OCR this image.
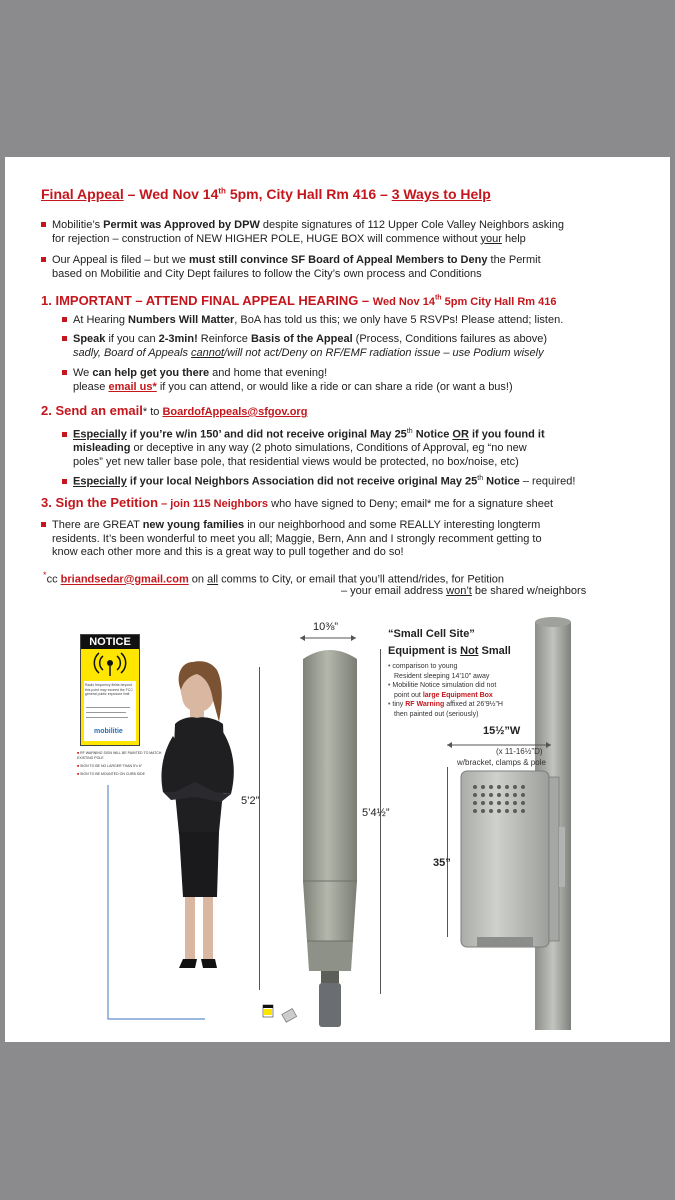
Final Appeal – Wed Nov 14th 5pm, City Hall Rm 416 – 3 Ways to Help
Mobilitie’s Permit was Approved by DPW despite signatures of 112 Upper Cole Valley Neighbors asking
for rejection – construction of NEW HIGHER POLE, HUGE BOX will commence without your help
Our Appeal is filed – but we must still convince SF Board of Appeal Members to Deny the Permit
based on Mobilitie and City Dept failures to follow the City’s own process and Conditions
1. IMPORTANT – ATTEND FINAL APPEAL HEARING – Wed Nov 14th 5pm City Hall Rm 416
At Hearing Numbers Will Matter, BoA has told us this; we only have 5 RSVPs! Please attend; listen.
Speak if you can 2-3min! Reinforce Basis of the Appeal (Process, Conditions failures as above)
sadly, Board of Appeals cannot/will not act/Deny on RF/EMF radiation issue – use Podium wisely
We can help get you there and home that evening!
please email us* if you can attend, or would like a ride or can share a ride (or want a bus!)
2. Send an email* to BoardofAppeals@sfgov.org
Especially if you’re w/in 150’ and did not receive original May 25th Notice OR if you found it
misleading or deceptive in any way (2 photo simulations, Conditions of Approval, eg “no new
poles” yet new taller base pole, that residential views would be protected, no box/noise, etc)
Especially if your local Neighbors Association did not receive original May 25th Notice – required!
3. Sign the Petition – join 115 Neighbors who have signed to Deny; email* me for a signature sheet
There are GREAT new young families in our neighborhood and some REALLY interesting longterm
residents. It’s been wonderful to meet you all; Maggie, Bern, Ann and I strongly recomment getting to
know each other more and this is a great way to pull together and do so!
*cc briandsedar@gmail.com on all comms to City, or email that you’ll attend/rides, for Petition
– your email address won’t be shared w/neighbors
NOTICE
Radio frequency fields beyond this point may exceed the FCC general public exposure limit
mobilitie
■ RF WARNING SIGN WILL BE PAINTED TO MATCH EXISTING POLE
■ SIGN TO BE NO LARGER THAN 5"x 6"
■ SIGN TO BE MOUNTED ON CURB SIDE
5’2”
10⅜”
5’4½”
“Small Cell Site”
Equipment is Not Small
• comparison to young
Resident sleeping 14’10” away
• Mobilitie Notice simulation did not
point out large Equipment Box
• tiny RF Warning affixed at 26’9½”H
then painted out (seriously)
15½”W
(x 11-16½”D)
w/bracket, clamps & pole
35”
